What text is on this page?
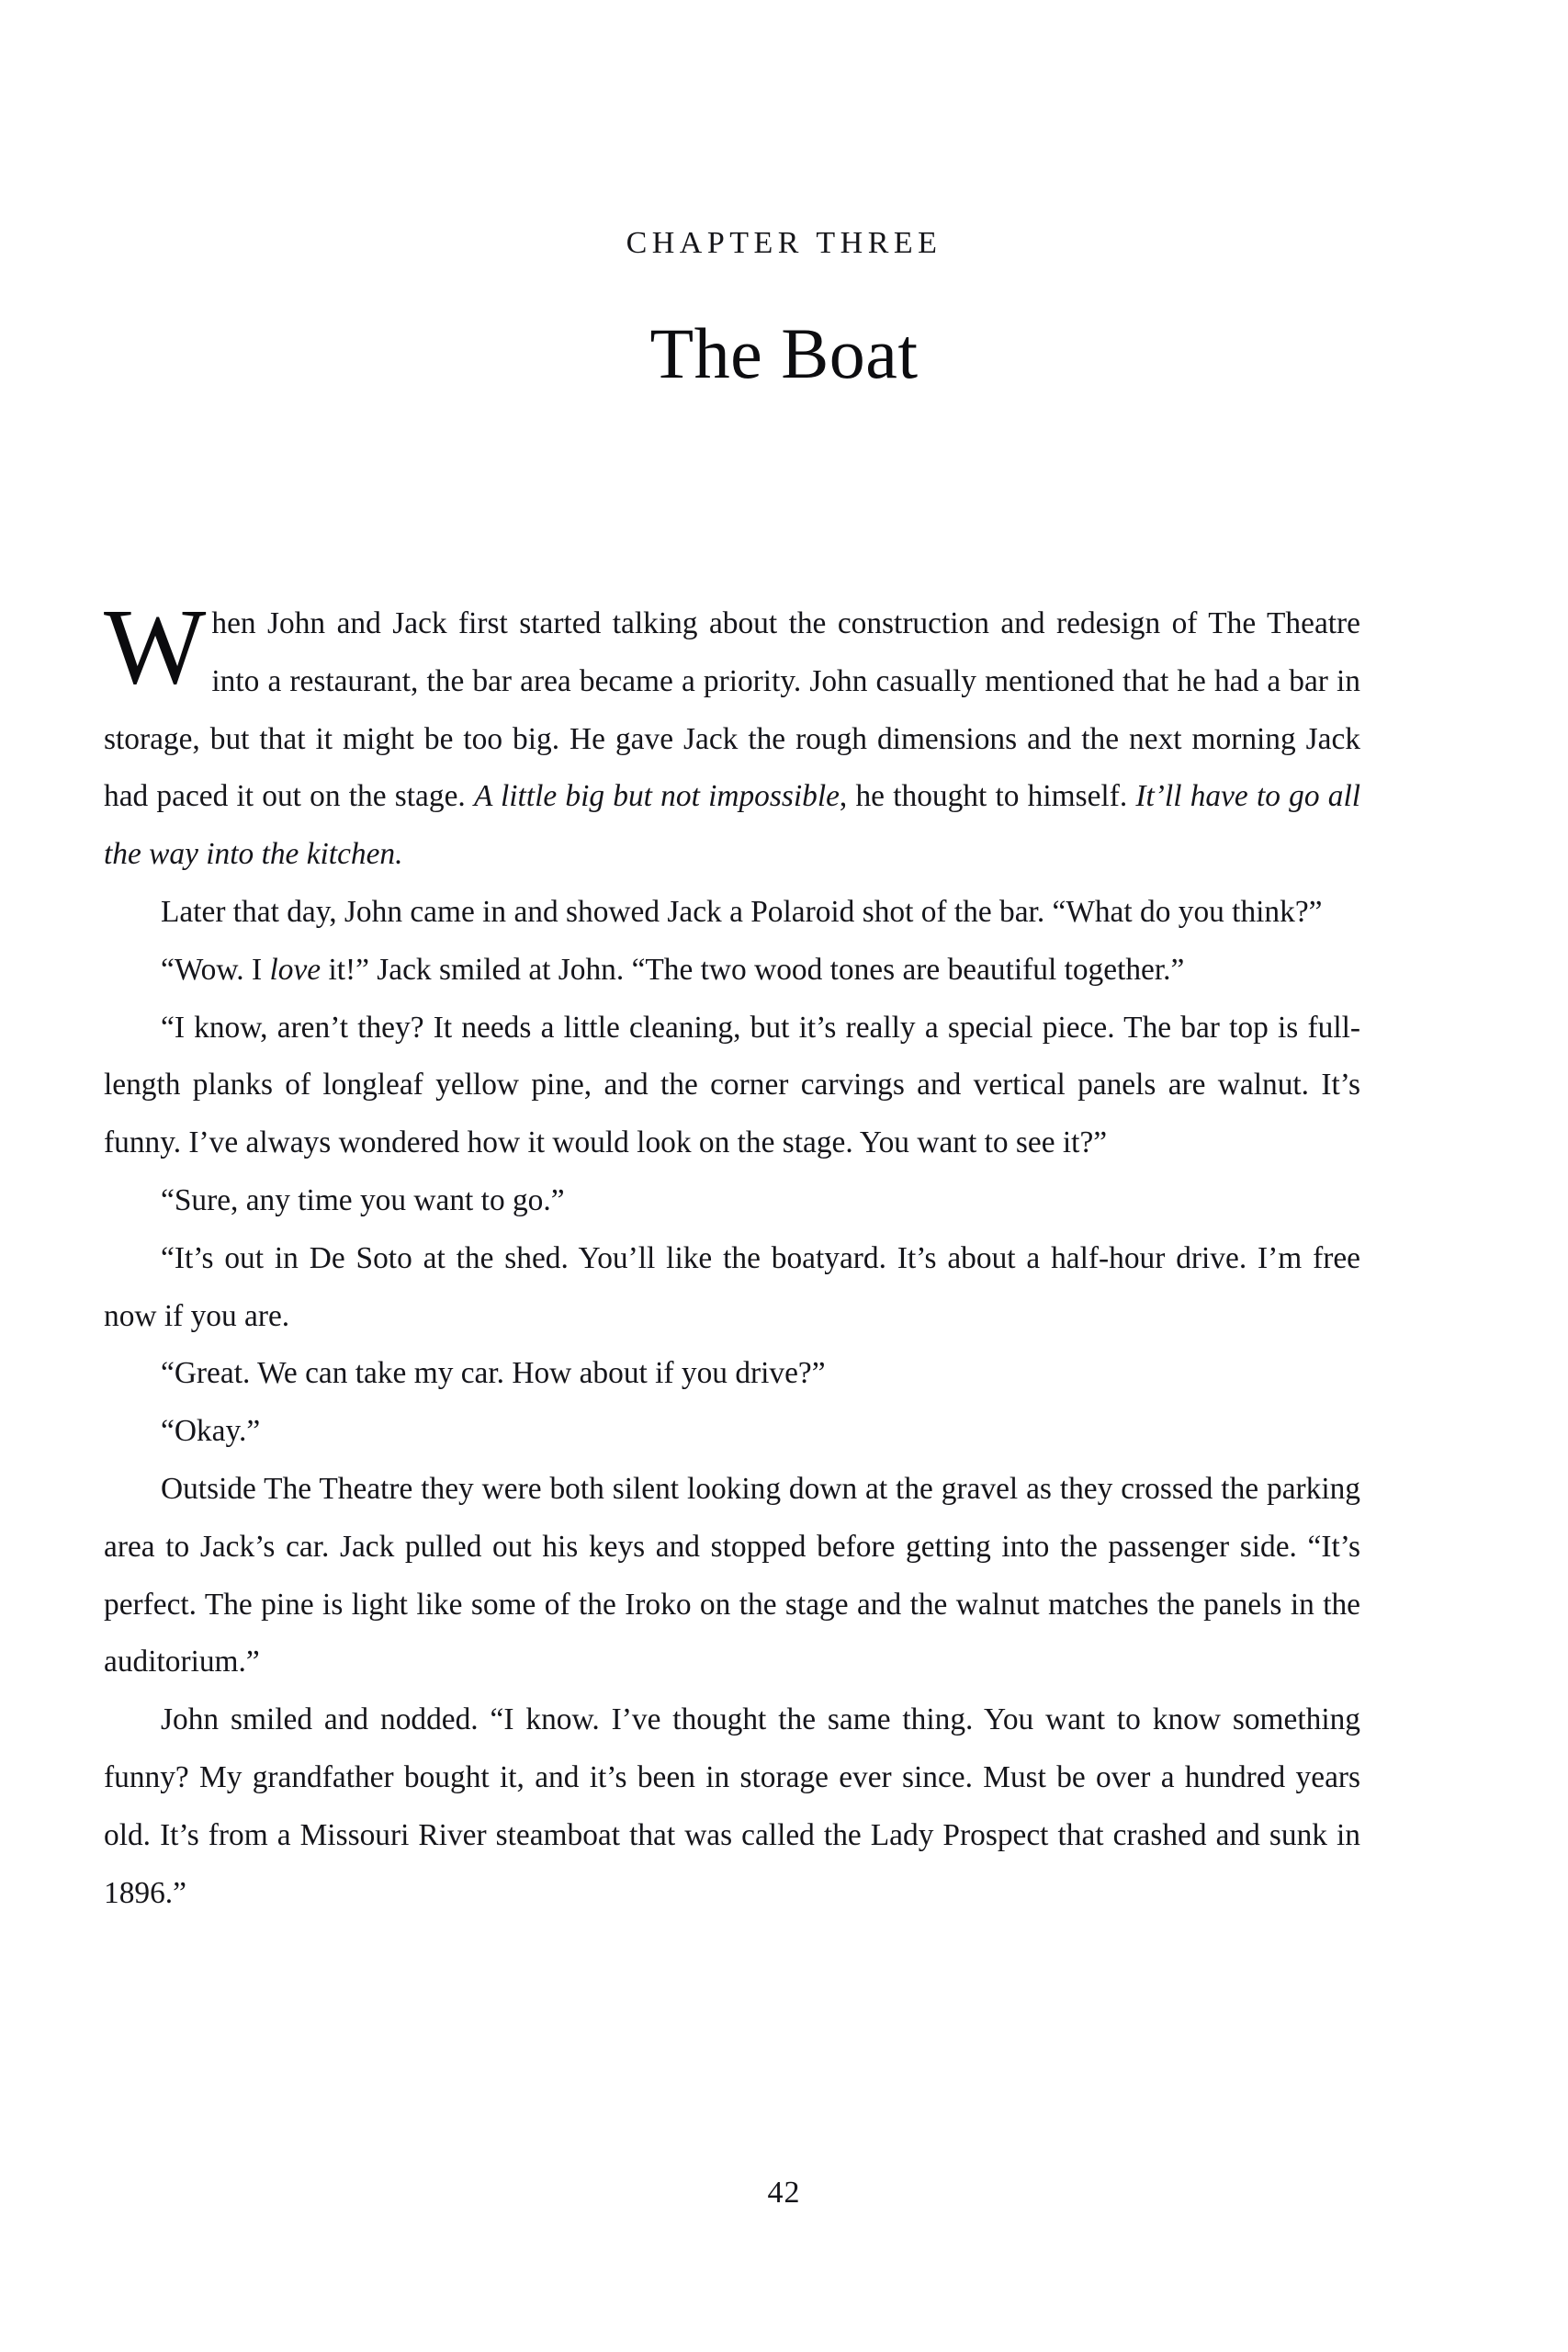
CHAPTER THREE
The Boat

When John and Jack first started talking about the construction and redesign of The Theatre into a restaurant, the bar area became a priority. John casually mentioned that he had a bar in storage, but that it might be too big. He gave Jack the rough dimensions and the next morning Jack had paced it out on the stage. A little big but not impossible, he thought to himself. It’ll have to go all the way into the kitchen.

Later that day, John came in and showed Jack a Polaroid shot of the bar. “What do you think?”

“Wow. I love it!” Jack smiled at John. “The two wood tones are beautiful together.”

“I know, aren’t they? It needs a little cleaning, but it’s really a special piece. The bar top is full-length planks of longleaf yellow pine, and the corner carvings and vertical panels are walnut. It’s funny. I’ve always wondered how it would look on the stage. You want to see it?”

“Sure, any time you want to go.”

“It’s out in De Soto at the shed. You’ll like the boatyard. It’s about a half-hour drive. I’m free now if you are.

“Great. We can take my car. How about if you drive?”

“Okay.”

Outside The Theatre they were both silent looking down at the gravel as they crossed the parking area to Jack’s car. Jack pulled out his keys and stopped before getting into the passenger side. “It’s perfect. The pine is light like some of the Iroko on the stage and the walnut matches the panels in the auditorium.”

John smiled and nodded. “I know. I’ve thought the same thing. You want to know something funny? My grandfather bought it, and it’s been in storage ever since. Must be over a hundred years old. It’s from a Missouri River steamboat that was called the Lady Prospect that crashed and sunk in 1896.”

42
